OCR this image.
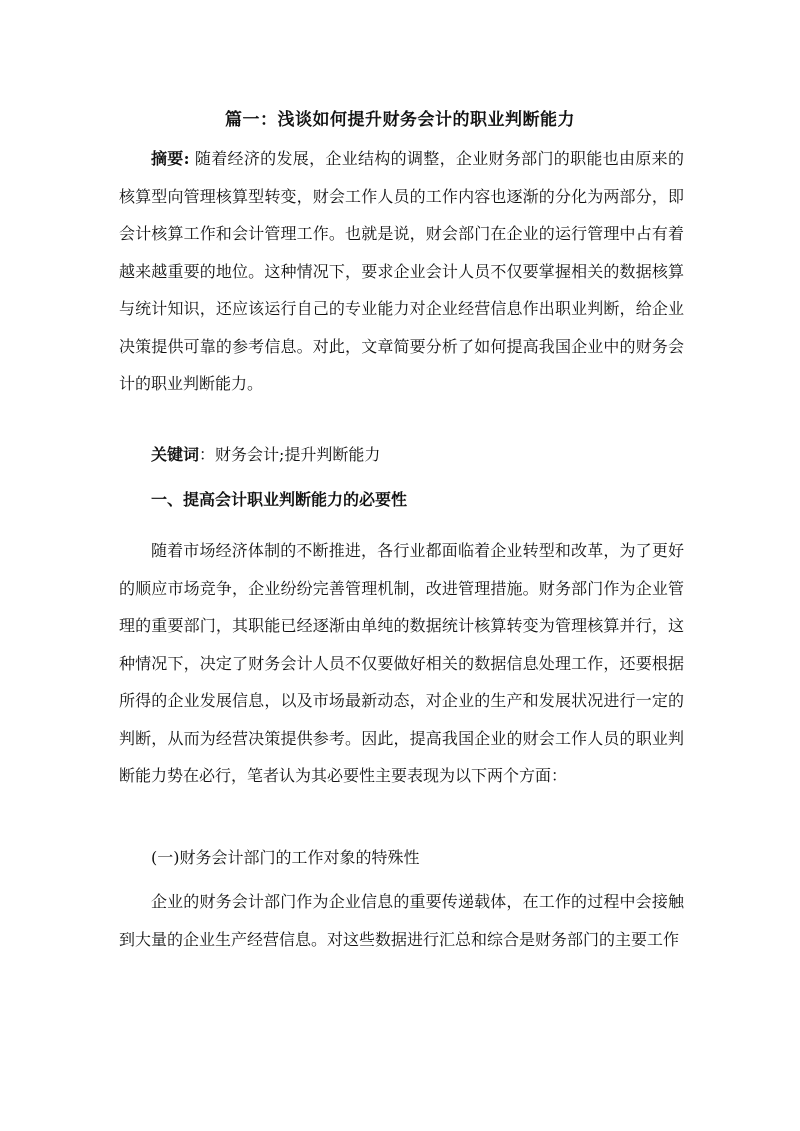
篇一：浅谈如何提升财务会计的职业判断能力

摘要: 随着经济的发展，企业结构的调整，企业财务部门的职能也由原来的核算型向管理核算型转变，财会工作人员的工作内容也逐渐的分化为两部分，即会计核算工作和会计管理工作。也就是说，财会部门在企业的运行管理中占有着越来越重要的地位。这种情况下，要求企业会计人员不仅要掌握相关的数据核算与统计知识，还应该运行自己的专业能力对企业经营信息作出职业判断，给企业决策提供可靠的参考信息。对此，文章简要分析了如何提高我国企业中的财务会计的职业判断能力。

关键词：财务会计;提升判断能力

一、提高会计职业判断能力的必要性

随着市场经济体制的不断推进，各行业都面临着企业转型和改革，为了更好的顺应市场竞争，企业纷纷完善管理机制，改进管理措施。财务部门作为企业管理的重要部门，其职能已经逐渐由单纯的数据统计核算转变为管理核算并行，这种情况下，决定了财务会计人员不仅要做好相关的数据信息处理工作，还要根据所得的企业发展信息，以及市场最新动态，对企业的生产和发展状况进行一定的判断，从而为经营决策提供参考。因此，提高我国企业的财会工作人员的职业判断能力势在必行，笔者认为其必要性主要表现为以下两个方面：

(一)财务会计部门的工作对象的特殊性

企业的财务会计部门作为企业信息的重要传递载体，在工作的过程中会接触到大量的企业生产经营信息。对这些数据进行汇总和综合是财务部门的主要工作
